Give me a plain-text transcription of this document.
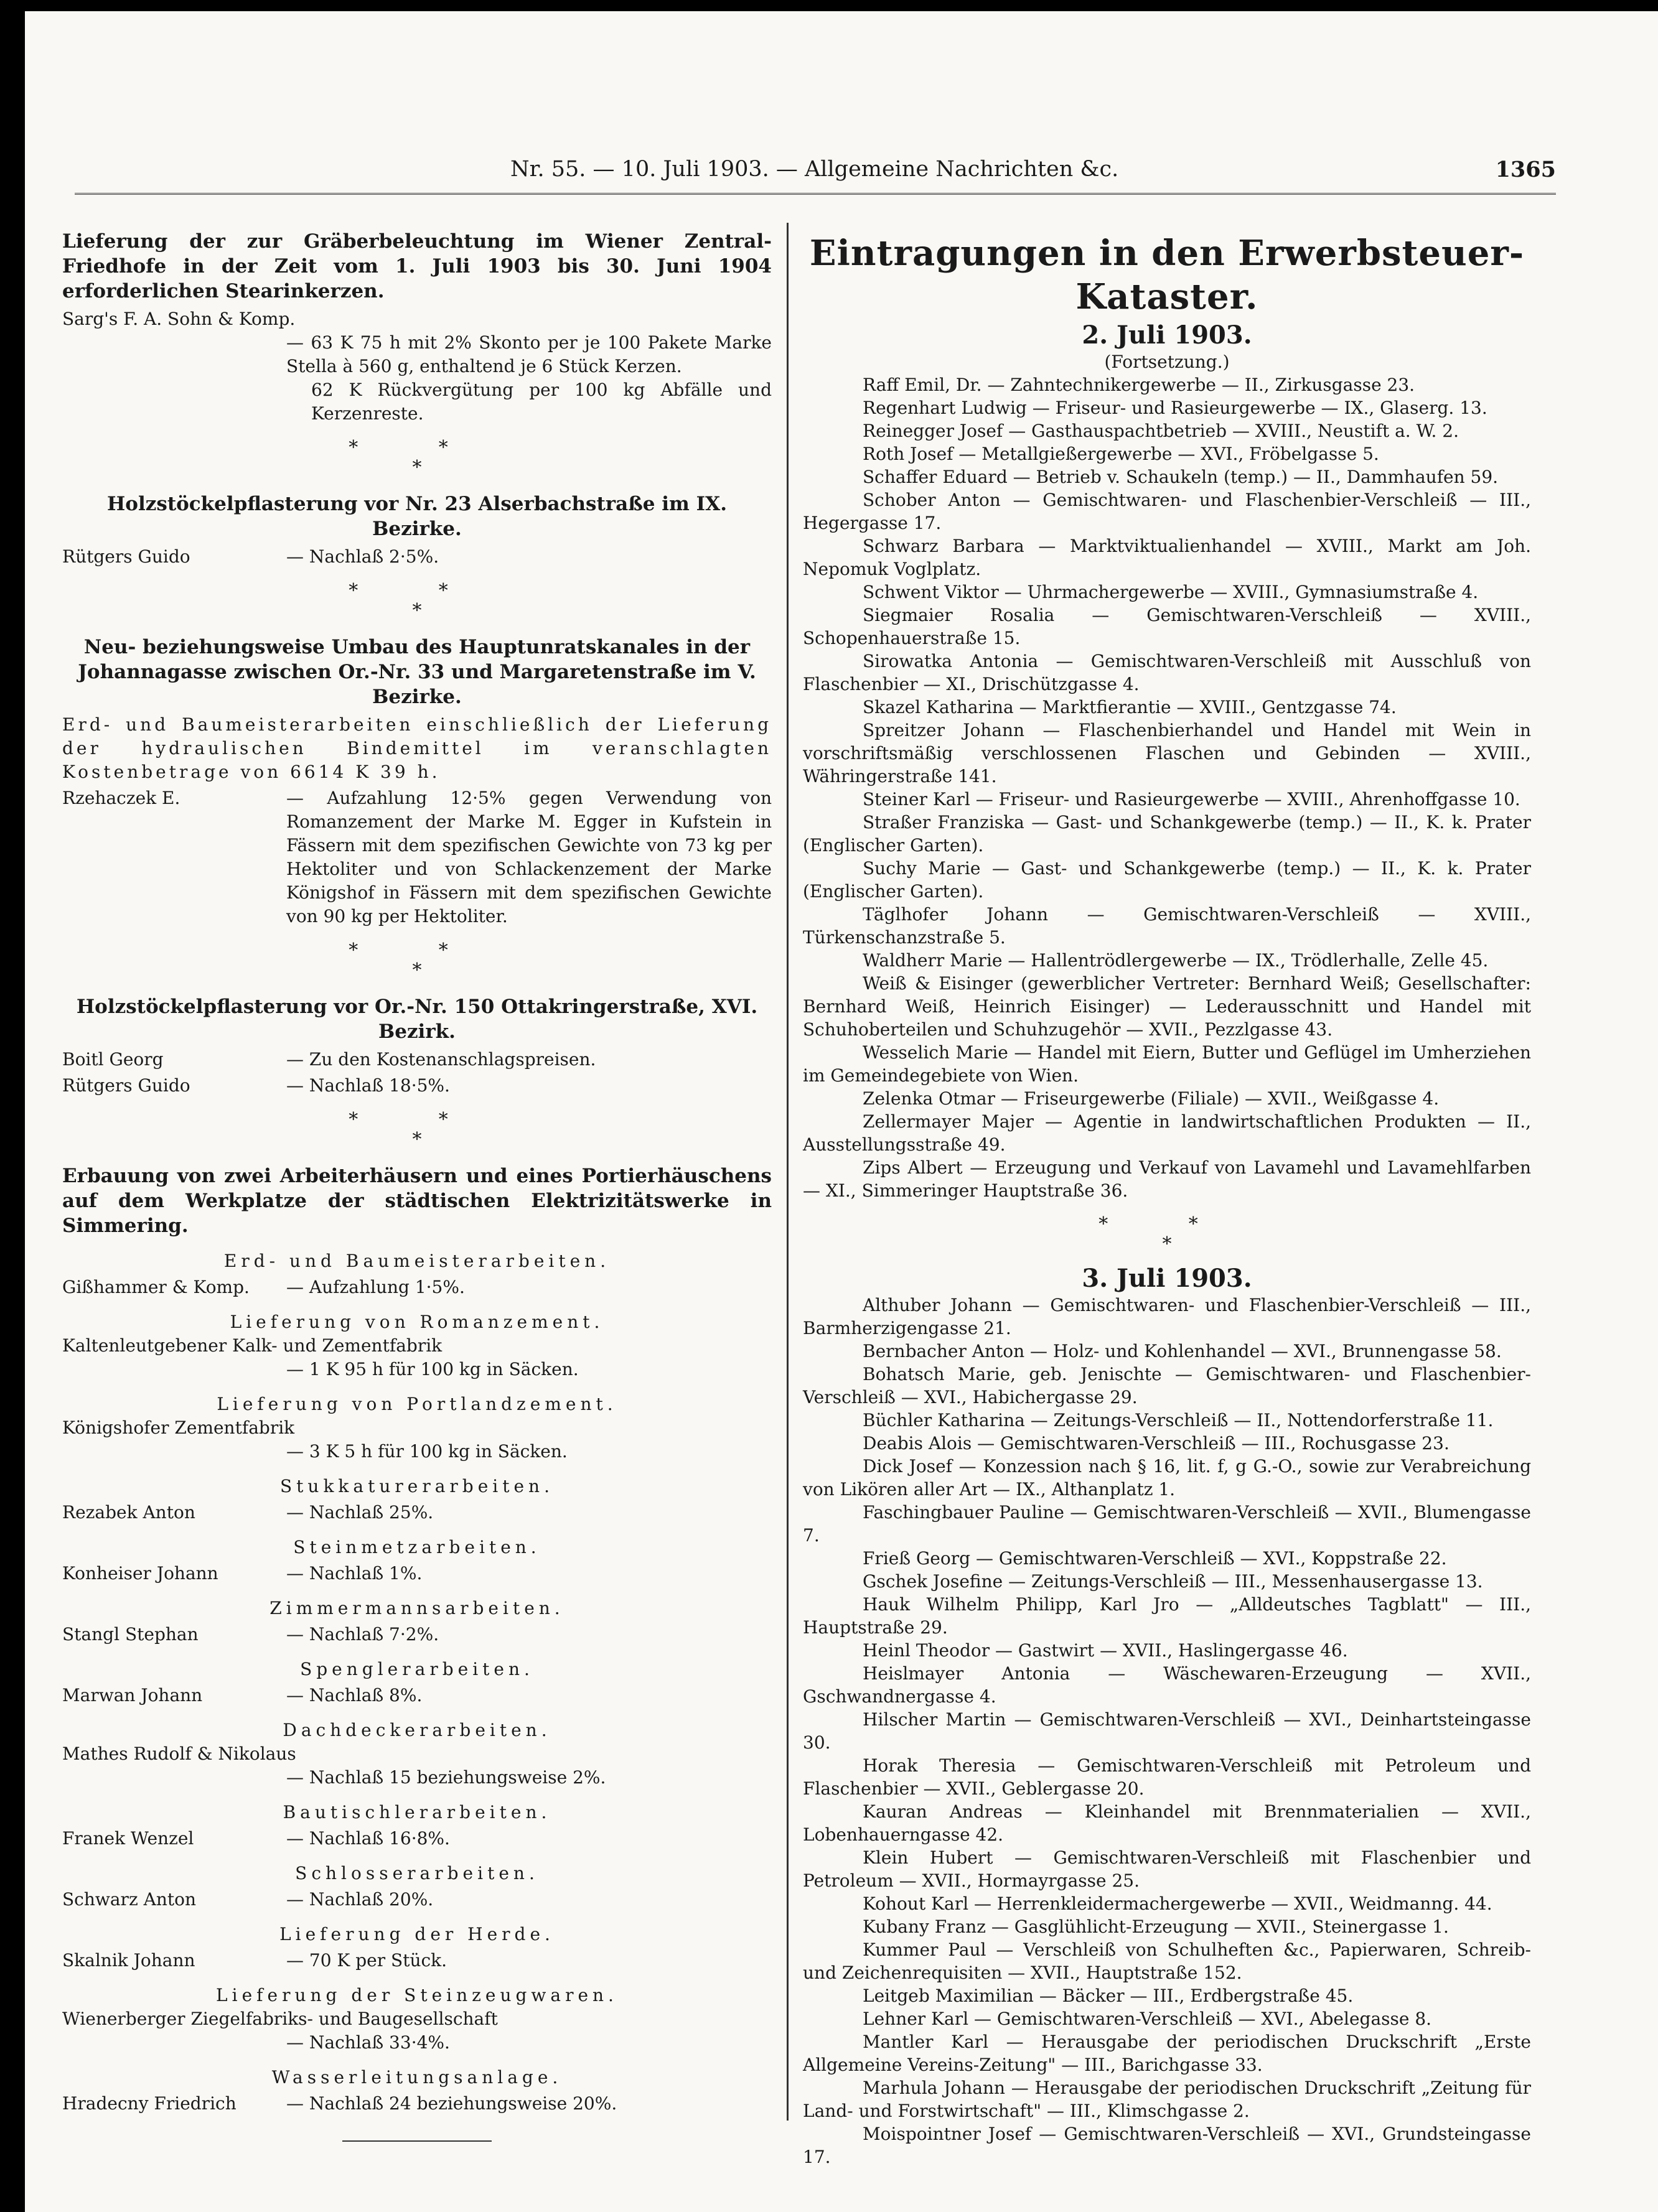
Nr. 55. — 10. Juli 1903. — Allgemeine Nachrichten &c.	1365
Lieferung der zur Gräberbeleuchtung im Wiener Zentral-Friedhofe in der Zeit vom 1. Juli 1903 bis 30. Juni 1904 erforderlichen Stearinkerzen.
Sarg's F. A. Sohn & Komp.
— 63 K 75 h mit 2% Skonto per je 100 Pakete Marke Stella à 560 g, enthaltend je 6 Stück Kerzen.
62 K Rückvergütung per 100 kg Abfälle und Kerzenreste.
* *
*
Holzstöckelpflasterung vor Nr. 23 Alserbachstraße im IX. Bezirke.
Rütgers Guido	— Nachlaß 2·5%.
* *
*
Neu- beziehungsweise Umbau des Hauptunratskanales in der Johannagasse zwischen Or.-Nr. 33 und Margaretenstraße im V. Bezirke.
Erd- und Baumeisterarbeiten einschließlich der Lieferung der hydraulischen Bindemittel im veranschlagten Kostenbetrage von 6614 K 39 h.
Rzehaczek E.	— Aufzahlung 12·5% gegen Verwendung von Romanzement der Marke M. Egger in Kufstein in Fässern mit dem spezifischen Gewichte von 73 kg per Hektoliter und von Schlackenzement der Marke Königshof in Fässern mit dem spezifischen Gewichte von 90 kg per Hektoliter.
* *
*
Holzstöckelpflasterung vor Or.-Nr. 150 Ottakringerstraße, XVI. Bezirk.
Boitl Georg	— Zu den Kostenanschlagspreisen.
Rütgers Guido	— Nachlaß 18·5%.
* *
*
Erbauung von zwei Arbeiterhäusern und eines Portierhäuschens auf dem Werkplatze der städtischen Elektrizitätswerke in Simmering.
Erd- und Baumeisterarbeiten.
Gißhammer & Komp.	— Aufzahlung 1·5%.
Lieferung von Romanzement.
Kaltenleutgebener Kalk- und Zementfabrik
— 1 K 95 h für 100 kg in Säcken.
Lieferung von Portlandzement.
Königshofer Zementfabrik
— 3 K 5 h für 100 kg in Säcken.
Stukkaturerarbeiten.
Rezabek Anton	— Nachlaß 25%.
Steinmetzarbeiten.
Konheiser Johann	— Nachlaß 1%.
Zimmermannsarbeiten.
Stangl Stephan	— Nachlaß 7·2%.
Spenglerarbeiten.
Marwan Johann	— Nachlaß 8%.
Dachdeckerarbeiten.
Mathes Rudolf & Nikolaus
— Nachlaß 15 beziehungsweise 2%.
Bautischlerarbeiten.
Franek Wenzel	— Nachlaß 16·8%.
Schlosserarbeiten.
Schwarz Anton	— Nachlaß 20%.
Lieferung der Herde.
Skalnik Johann	— 70 K per Stück.
Lieferung der Steinzeugwaren.
Wienerberger Ziegelfabriks- und Baugesellschaft
— Nachlaß 33·4%.
Wasserleitungsanlage.
Hradecny Friedrich	— Nachlaß 24 beziehungsweise 20%.
Eintragungen in den Erwerbsteuer-Kataster.
2. Juli 1903.
(Fortsetzung.)

Raff Emil, Dr. — Zahntechnikergewerbe — II., Zirkusgasse 23.

Regenhart Ludwig — Friseur- und Rasieurgewerbe — IX., Glaserg. 13.

Reinegger Josef — Gasthauspachtbetrieb — XVIII., Neustift a. W. 2.

Roth Josef — Metallgießergewerbe — XVI., Fröbelgasse 5.

Schaffer Eduard — Betrieb v. Schaukeln (temp.) — II., Dammhaufen 59.

Schober Anton — Gemischtwaren- und Flaschenbier-Verschleiß — III., Hegergasse 17.

Schwarz Barbara — Marktviktualienhandel — XVIII., Markt am Joh. Nepomuk Voglplatz.

Schwent Viktor — Uhrmachergewerbe — XVIII., Gymnasiumstraße 4.

Siegmaier Rosalia — Gemischtwaren-Verschleiß — XVIII., Schopenhauerstraße 15.

Sirowatka Antonia — Gemischtwaren-Verschleiß mit Ausschluß von Flaschenbier — XI., Drischützgasse 4.

Skazel Katharina — Marktfierantie — XVIII., Gentzgasse 74.

Spreitzer Johann — Flaschenbierhandel und Handel mit Wein in vorschriftsmäßig verschlossenen Flaschen und Gebinden — XVIII., Währingerstraße 141.

Steiner Karl — Friseur- und Rasieurgewerbe — XVIII., Ahrenhoffgasse 10.

Straßer Franziska — Gast- und Schankgewerbe (temp.) — II., K. k. Prater (Englischer Garten).

Suchy Marie — Gast- und Schankgewerbe (temp.) — II., K. k. Prater (Englischer Garten).

Täglhofer Johann — Gemischtwaren-Verschleiß — XVIII., Türkenschanzstraße 5.

Waldherr Marie — Hallentrödlergewerbe — IX., Trödlerhalle, Zelle 45.

Weiß & Eisinger (gewerblicher Vertreter: Bernhard Weiß; Gesellschafter: Bernhard Weiß, Heinrich Eisinger) — Lederausschnitt und Handel mit Schuhoberteilen und Schuhzugehör — XVII., Pezzlgasse 43.

Wesselich Marie — Handel mit Eiern, Butter und Geflügel im Umherziehen im Gemeindegebiete von Wien.

Zelenka Otmar — Friseurgewerbe (Filiale) — XVII., Weißgasse 4.

Zellermayer Majer — Agentie in landwirtschaftlichen Produkten — II., Ausstellungsstraße 49.

Zips Albert — Erzeugung und Verkauf von Lavamehl und Lavamehlfarben — XI., Simmeringer Hauptstraße 36.

* *
*
3. Juli 1903.

Althuber Johann — Gemischtwaren- und Flaschenbier-Verschleiß — III., Barmherzigengasse 21.

Bernbacher Anton — Holz- und Kohlenhandel — XVI., Brunnengasse 58.

Bohatsch Marie, geb. Jenischte — Gemischtwaren- und Flaschenbier-Verschleiß — XVI., Habichergasse 29.

Büchler Katharina — Zeitungs-Verschleiß — II., Nottendorferstraße 11.

Deabis Alois — Gemischtwaren-Verschleiß — III., Rochusgasse 23.

Dick Josef — Konzession nach § 16, lit. f, g G.-O., sowie zur Verabreichung von Likören aller Art — IX., Althanplatz 1.

Faschingbauer Pauline — Gemischtwaren-Verschleiß — XVII., Blumengasse 7.

Frieß Georg — Gemischtwaren-Verschleiß — XVI., Koppstraße 22.

Gschek Josefine — Zeitungs-Verschleiß — III., Messenhausergasse 13.

Hauk Wilhelm Philipp, Karl Jro — „Alldeutsches Tagblatt" — III., Hauptstraße 29.

Heinl Theodor — Gastwirt — XVII., Haslingergasse 46.

Heislmayer Antonia — Wäschewaren-Erzeugung — XVII., Gschwandnergasse 4.

Hilscher Martin — Gemischtwaren-Verschleiß — XVI., Deinhartsteingasse 30.

Horak Theresia — Gemischtwaren-Verschleiß mit Petroleum und Flaschenbier — XVII., Geblergasse 20.

Kauran Andreas — Kleinhandel mit Brennmaterialien — XVII., Lobenhauerngasse 42.

Klein Hubert — Gemischtwaren-Verschleiß mit Flaschenbier und Petroleum — XVII., Hormayrgasse 25.

Kohout Karl — Herrenkleidermachergewerbe — XVII., Weidmanng. 44.

Kubany Franz — Gasglühlicht-Erzeugung — XVII., Steinergasse 1.

Kummer Paul — Verschleiß von Schulheften &c., Papierwaren, Schreib- und Zeichenrequisiten — XVII., Hauptstraße 152.

Leitgeb Maximilian — Bäcker — III., Erdbergstraße 45.

Lehner Karl — Gemischtwaren-Verschleiß — XVI., Abelegasse 8.

Mantler Karl — Herausgabe der periodischen Druckschrift „Erste Allgemeine Vereins-Zeitung" — III., Barichgasse 33.

Marhula Johann — Herausgabe der periodischen Druckschrift „Zeitung für Land- und Forstwirtschaft" — III., Klimschgasse 2.

Moispointner Josef — Gemischtwaren-Verschleiß — XVI., Grundsteingasse 17.
